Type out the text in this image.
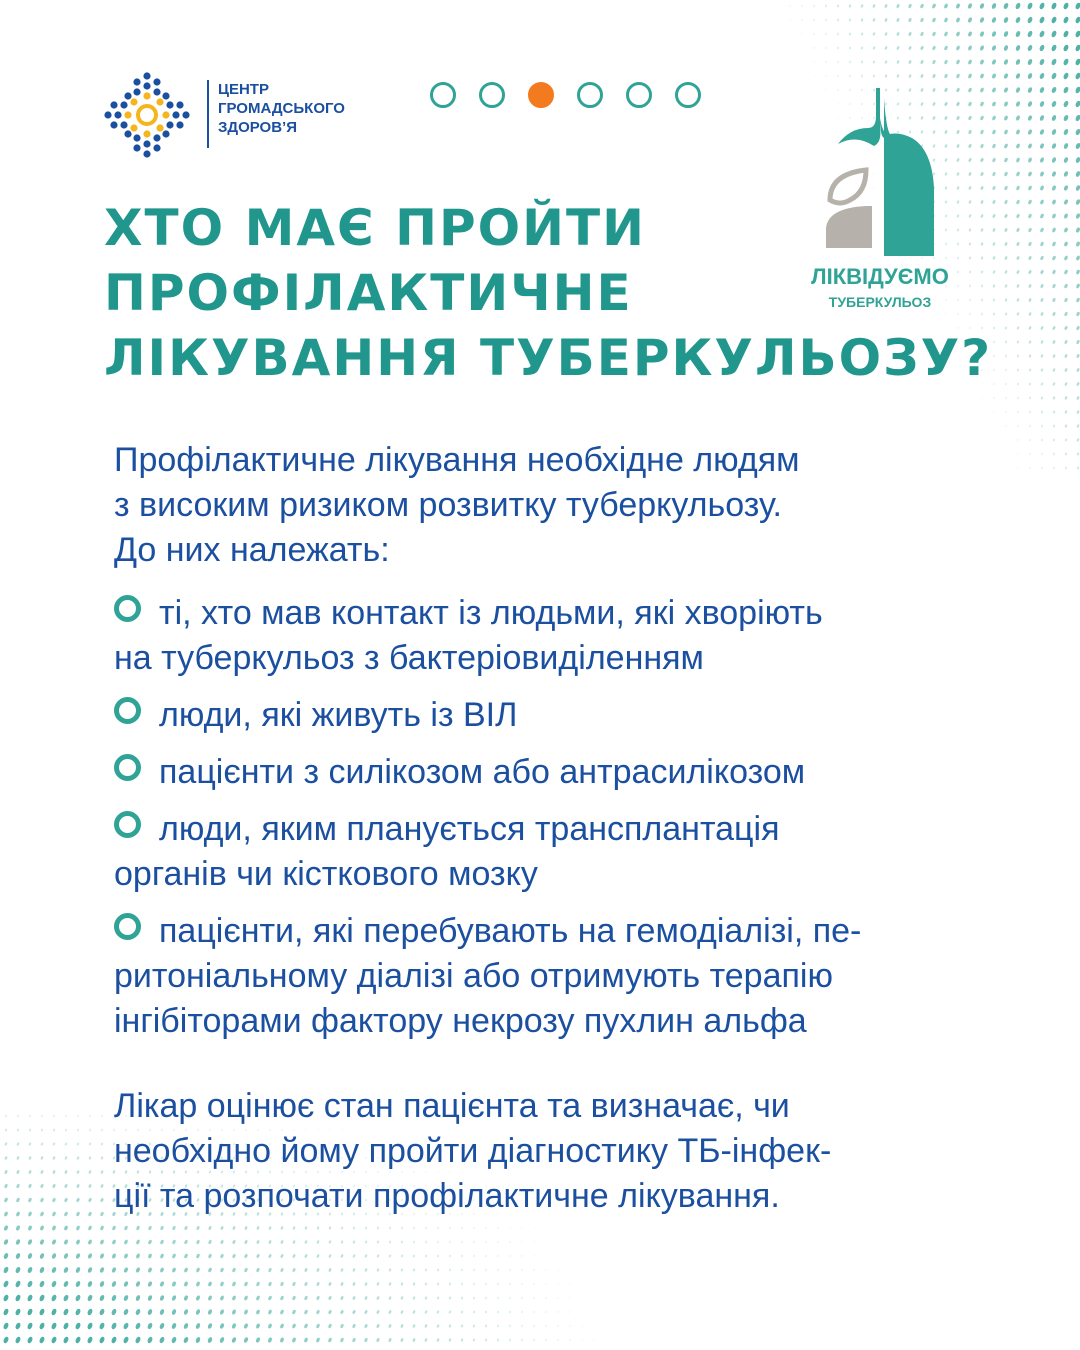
ЦЕНТР
ГРОМАДСЬКОГО
ЗДОРОВ’Я
ЛІКВІДУЄМО
ТУБЕРКУЛЬОЗ
ХТО МАЄ ПРОЙТИ
ПРОФІЛАКТИЧНЕ
ЛІКУВАННЯ ТУБЕРКУЛЬОЗУ?

Профілактичне лікування необхідне людям
з високим ризиком розвитку туберкульозу.
До них належать:

ті, хто мав контакт із людьми, які хворіють
на туберкульоз з бактеріовиділенням
люди, які живуть із ВІЛ
пацієнти з силікозом або антрасилікозом
люди, яким планується трансплантація
органів чи кісткового мозку
пацієнти, які перебувають на гемодіалізі, пе-
ритоніальному діалізі або отримують терапію
інгібіторами фактору некрозу пухлин альфа

Лікар оцінює стан пацієнта та визначає, чи
необхідно йому пройти діагностику ТБ-інфек-
ції та розпочати профілактичне лікування.
